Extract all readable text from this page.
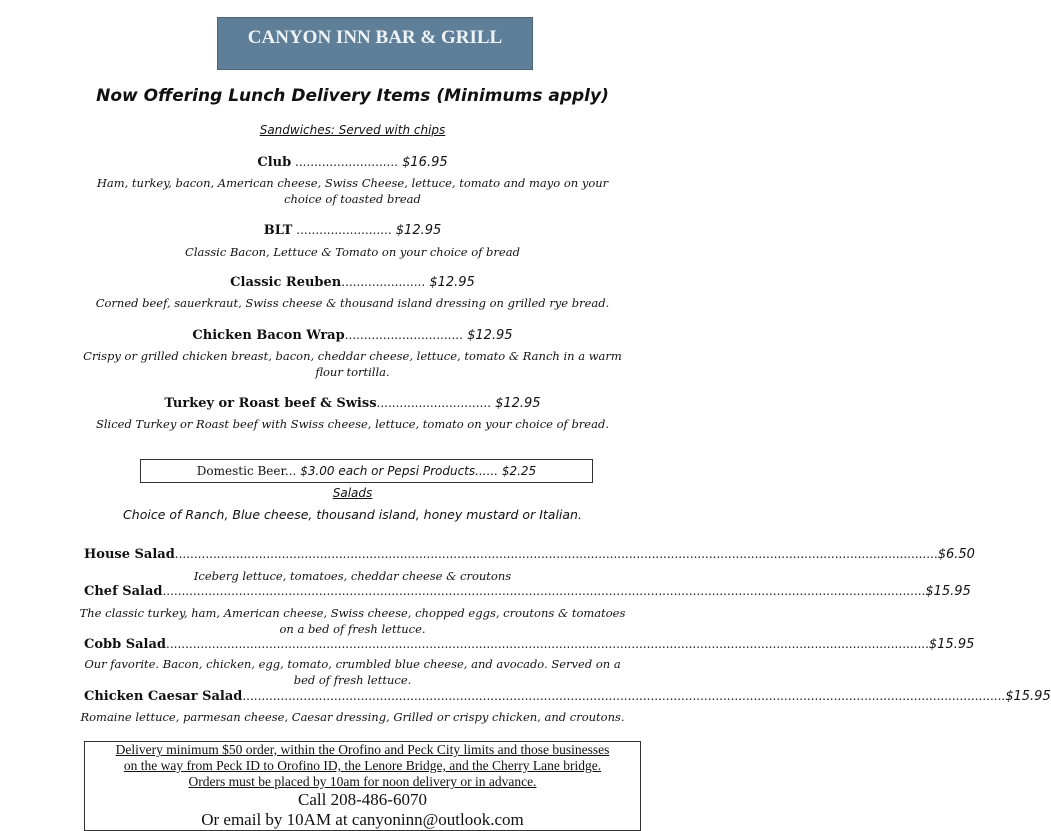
CANYON INN BAR & GRILL
Now Offering Lunch Delivery Items (Minimums apply)
Sandwiches: Served with chips
Club ........................... $16.95
Ham, turkey, bacon, American cheese, Swiss Cheese, lettuce, tomato and mayo on your
choice of toasted bread
BLT ......................... $12.95
Classic Bacon, Lettuce & Tomato on your choice of bread
Classic Reuben...................... $12.95
Corned beef, sauerkraut, Swiss cheese & thousand island dressing on grilled rye bread.
Chicken Bacon Wrap............................... $12.95
Crispy or grilled chicken breast, bacon, cheddar cheese, lettuce, tomato & Ranch in a warm
flour tortilla.
Turkey or Roast beef & Swiss.............................. $12.95
Sliced Turkey or Roast beef with Swiss cheese, lettuce, tomato on your choice of bread.
Domestic Beer... $3.00 each or Pepsi Products...... $2.25
Salads
Choice of Ranch, Blue cheese, thousand island, honey mustard or Italian.
House Salad ........................................................................................................................................................................................................ $6.50
Iceberg lettuce, tomatoes, cheddar cheese & croutons
Chef Salad ........................................................................................................................................................................................................ $15.95
The classic turkey, ham, American cheese, Swiss cheese, chopped eggs, croutons & tomatoes
on a bed of fresh lettuce.
Cobb Salad ........................................................................................................................................................................................................ $15.95
Our favorite. Bacon, chicken, egg, tomato, crumbled blue cheese, and avocado. Served on a
bed of fresh lettuce.
Chicken Caesar Salad ........................................................................................................................................................................................................ $15.95
Romaine lettuce, parmesan cheese, Caesar dressing, Grilled or crispy chicken, and croutons.
Delivery minimum $50 order, within the Orofino and Peck City limits and those businesses
on the way from Peck ID to Orofino ID, the Lenore Bridge, and the Cherry Lane bridge.
Orders must be placed by 10am for noon delivery or in advance.
Call 208-486-6070
Or email by 10AM at canyoninn@outlook.com
